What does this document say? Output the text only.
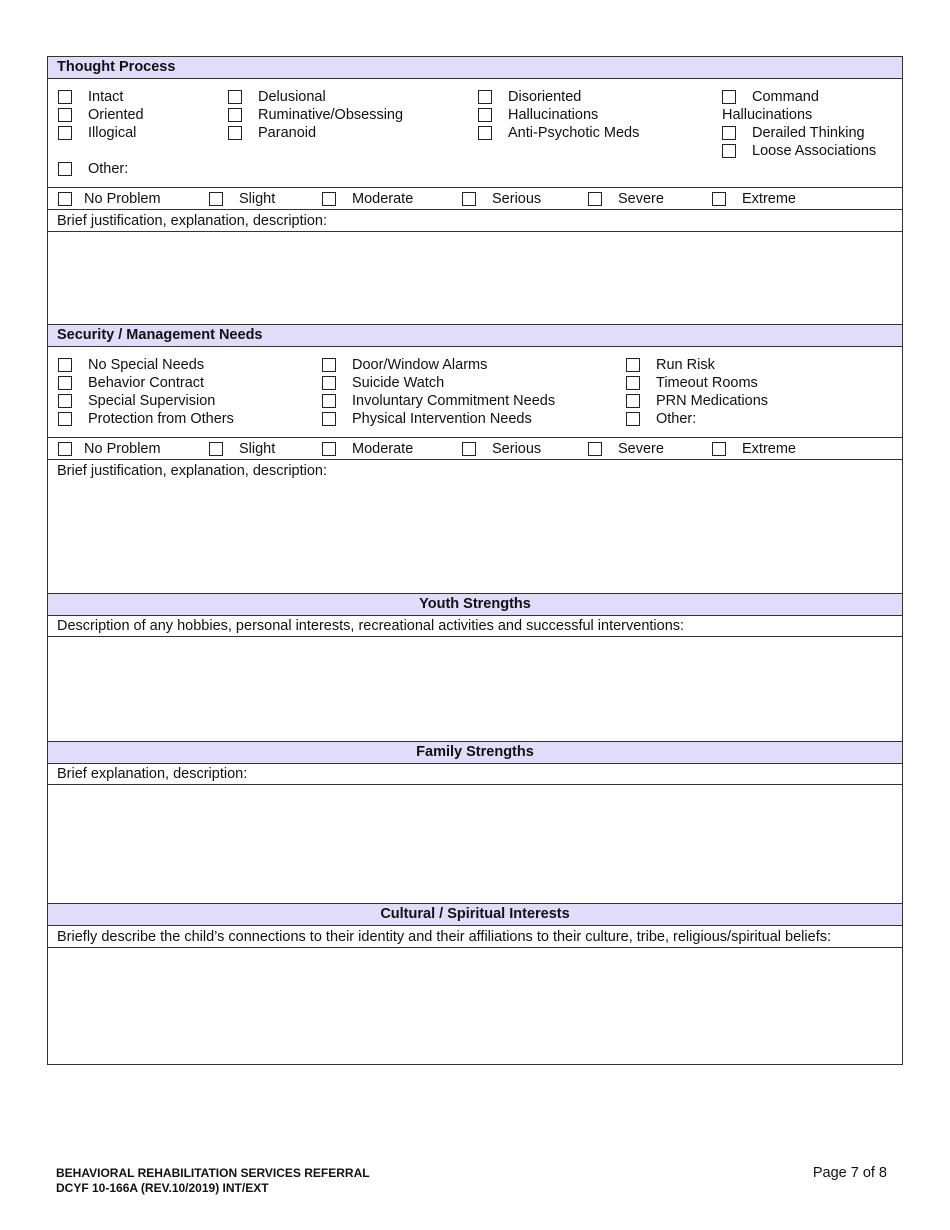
Thought Process
Intact
Oriented
Illogical
Other:
Delusional
Ruminative/Obsessing
Paranoid
Disoriented
Hallucinations
Anti-Psychotic Meds
Command
Hallucinations
Derailed Thinking
Loose Associations
No Problem	Slight	Moderate	Serious	Severe	Extreme
Brief justification, explanation, description:
Security / Management Needs
No Special Needs
Behavior Contract
Special Supervision
Protection from Others
Door/Window Alarms
Suicide Watch
Involuntary Commitment Needs
Physical Intervention Needs
Run Risk
Timeout Rooms
PRN Medications
Other:
No Problem	Slight	Moderate	Serious	Severe	Extreme
Brief justification, explanation, description:
Youth Strengths
Description of any hobbies, personal interests, recreational activities and successful interventions:
Family Strengths
Brief explanation, description:
Cultural / Spiritual Interests
Briefly describe the child’s connections to their identity and their affiliations to their culture, tribe, religious/spiritual beliefs:
BEHAVIORAL REHABILITATION SERVICES REFERRAL
DCYF 10-166A (REV.10/2019) INT/EXT
Page 7 of 8
